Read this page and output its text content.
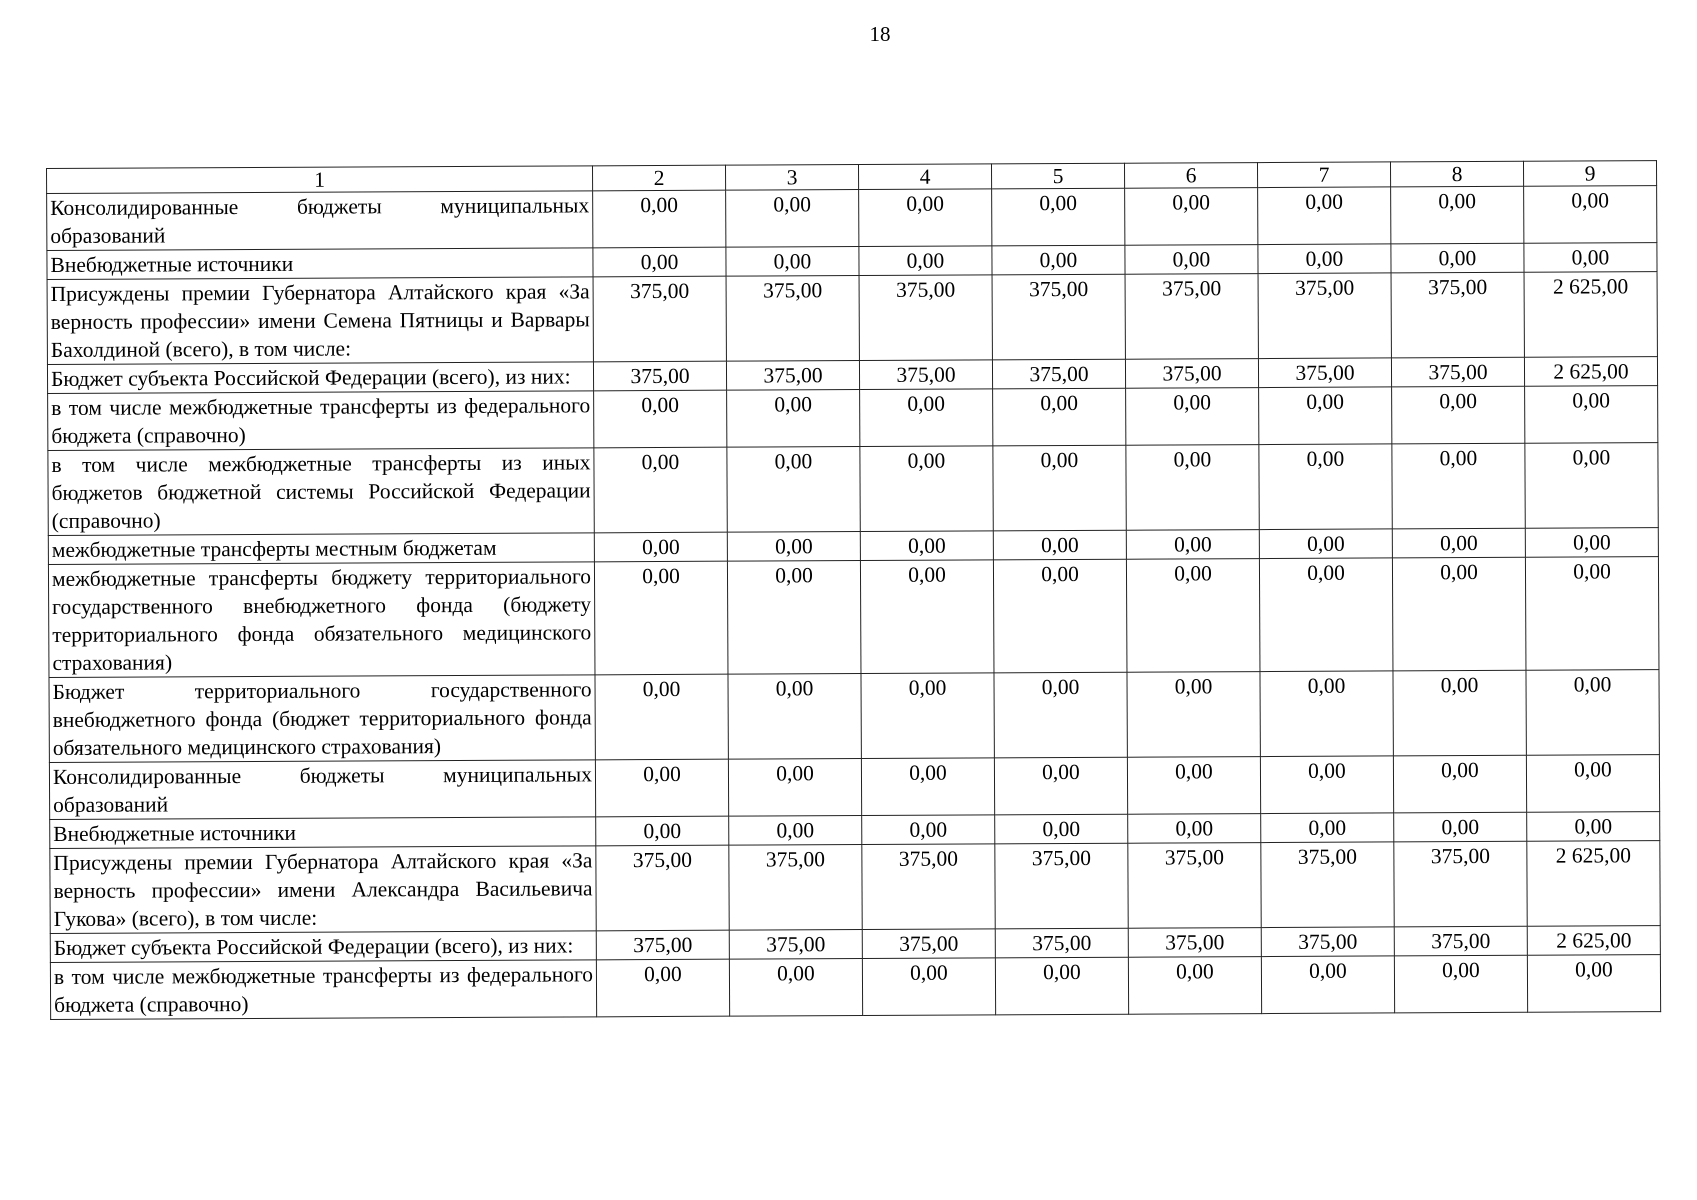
18
1	2	3	4	5	6	7	8	9
Консолидированные бюджеты муниципальных образований	0,00	0,00	0,00	0,00	0,00	0,00	0,00	0,00
Внебюджетные источники	0,00	0,00	0,00	0,00	0,00	0,00	0,00	0,00
Присуждены премии Губернатора Алтайского края «За верность профессии» имени Семена Пятницы и Варвары Бахолдиной (всего), в том числе:	375,00	375,00	375,00	375,00	375,00	375,00	375,00	2 625,00
Бюджет субъекта Российской Федерации (всего), из них:	375,00	375,00	375,00	375,00	375,00	375,00	375,00	2 625,00
в том числе межбюджетные трансферты из федерального бюджета (справочно)	0,00	0,00	0,00	0,00	0,00	0,00	0,00	0,00
в том числе межбюджетные трансферты из иных бюджетов бюджетной системы Российской Федерации (справочно)	0,00	0,00	0,00	0,00	0,00	0,00	0,00	0,00
межбюджетные трансферты местным бюджетам	0,00	0,00	0,00	0,00	0,00	0,00	0,00	0,00
межбюджетные трансферты бюджету территориального государственного внебюджетного фонда (бюджету территориального фонда обязательного медицинского страхования)	0,00	0,00	0,00	0,00	0,00	0,00	0,00	0,00
Бюджет территориального государственного внебюджетного фонда (бюджет территориального фонда обязательного медицинского страхования)	0,00	0,00	0,00	0,00	0,00	0,00	0,00	0,00
Консолидированные бюджеты муниципальных образований	0,00	0,00	0,00	0,00	0,00	0,00	0,00	0,00
Внебюджетные источники	0,00	0,00	0,00	0,00	0,00	0,00	0,00	0,00
Присуждены премии Губернатора Алтайского края «За верность профессии» имени Александра Васильевича Гукова» (всего), в том числе:	375,00	375,00	375,00	375,00	375,00	375,00	375,00	2 625,00
Бюджет субъекта Российской Федерации (всего), из них:	375,00	375,00	375,00	375,00	375,00	375,00	375,00	2 625,00
в том числе межбюджетные трансферты из федерального бюджета (справочно)	0,00	0,00	0,00	0,00	0,00	0,00	0,00	0,00
